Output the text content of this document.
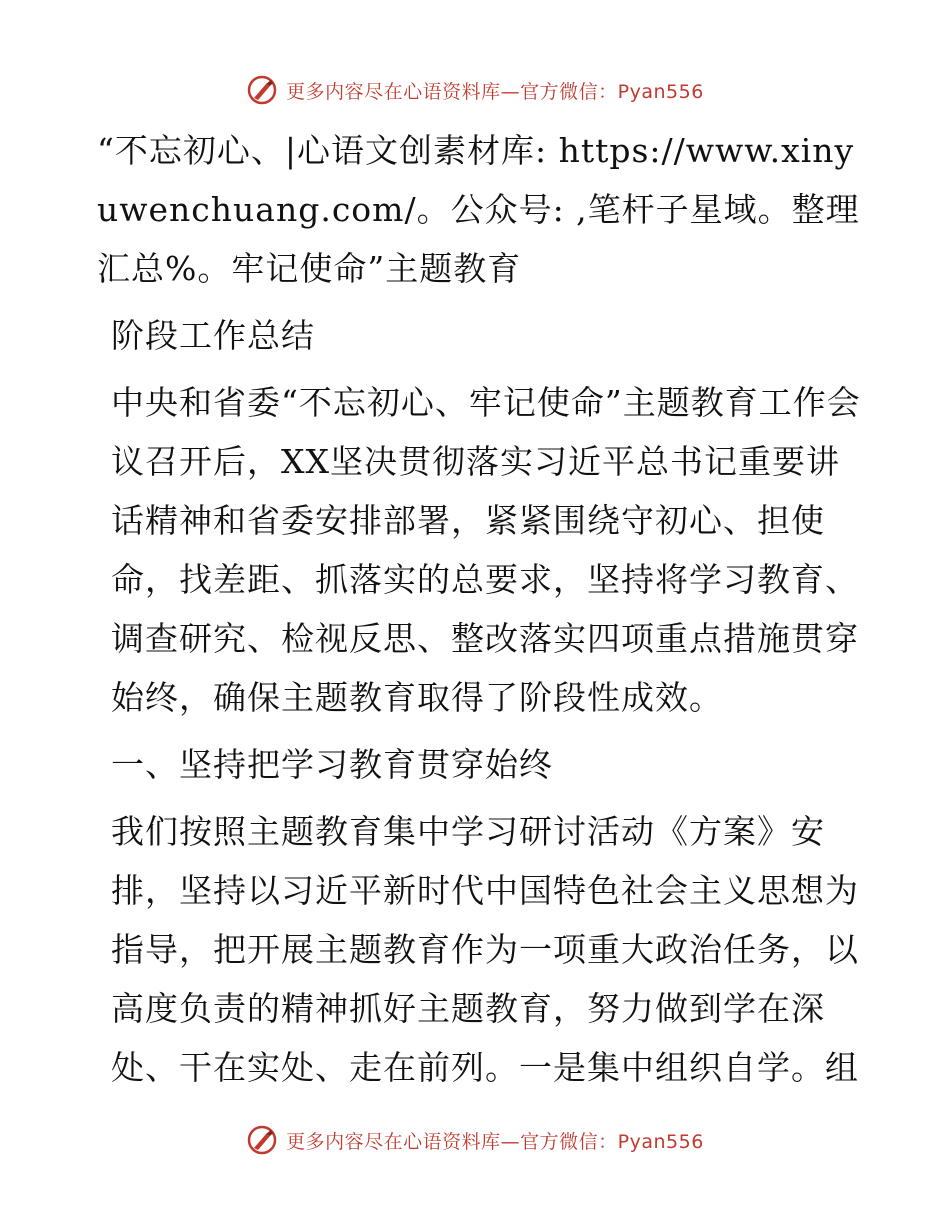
更多内容尽在心语资料库—官方微信：Pyan556

“不忘初心、|心语文创素材库: https://www.xinyuwenchuang.com/。公众号: ,笔杆子星域。整理汇总%。牢记使命”主题教育

阶段工作总结

中央和省委“不忘初心、牢记使命”主题教育工作会议召开后，XX坚决贯彻落实习近平总书记重要讲话精神和省委安排部署，紧紧围绕守初心、担使命，找差距、抓落实的总要求，坚持将学习教育、调查研究、检视反思、整改落实四项重点措施贯穿始终，确保主题教育取得了阶段性成效。

一、坚持把学习教育贯穿始终

我们按照主题教育集中学习研讨活动《方案》安排，坚持以习近平新时代中国特色社会主义思想为指导，把开展主题教育作为一项重大政治任务，以高度负责的精神抓好主题教育，努力做到学在深处、干在实处、走在前列。一是集中组织自学。组

更多内容尽在心语资料库—官方微信：Pyan556
